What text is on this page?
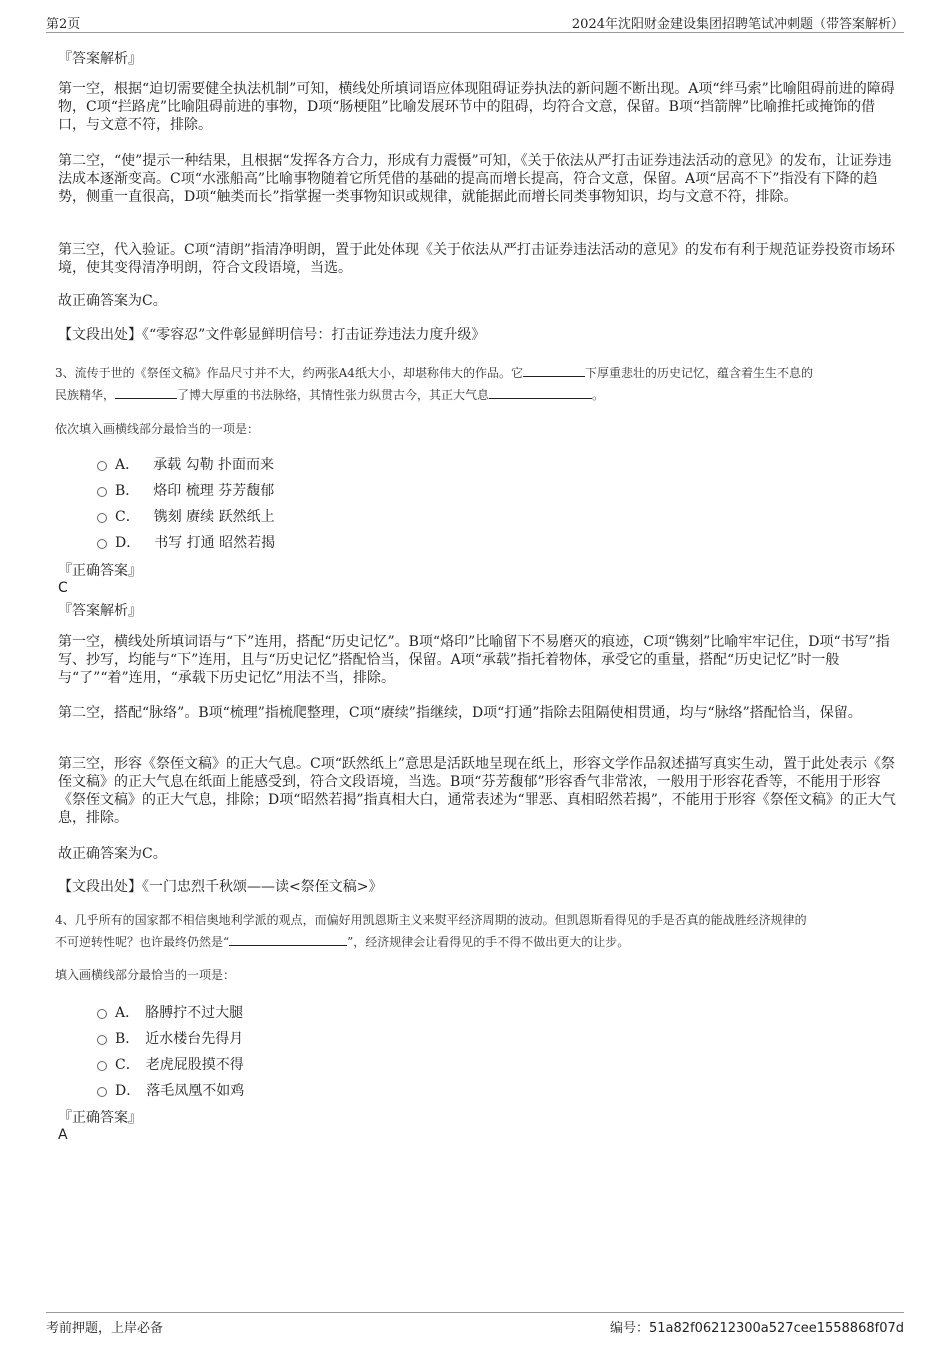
第2页	2024年沈阳财金建设集团招聘笔试冲刺题（带答案解析）

『答案解析』

第一空，根据“迫切需要健全执法机制”可知，横线处所填词语应体现阻碍证券执法的新问题不断出现。A项“绊马索”比喻阻碍前进的障碍物，C项“拦路虎”比喻阻碍前进的事物，D项“肠梗阻”比喻发展环节中的阻碍，均符合文意，保留。B项“挡箭牌”比喻推托或掩饰的借口，与文意不符，排除。

第二空，“使”提示一种结果，且根据“发挥各方合力，形成有力震慑”可知，《关于依法从严打击证券违法活动的意见》的发布，让证券违法成本逐渐变高。C项“水涨船高”比喻事物随着它所凭借的基础的提高而增长提高，符合文意，保留。A项“居高不下”指没有下降的趋势，侧重一直很高，D项“触类而长”指掌握一类事物知识或规律，就能据此而增长同类事物知识，均与文意不符，排除。

第三空，代入验证。C项“清朗”指清净明朗，置于此处体现《关于依法从严打击证券违法活动的意见》的发布有利于规范证券投资市场环境，使其变得清净明朗，符合文段语境，当选。

故正确答案为C。

【文段出处】《“零容忍”文件彰显鲜明信号：打击证券违法力度升级》

3、流传于世的《祭侄文稿》作品尺寸并不大，约两张A4纸大小，却堪称伟大的作品。它	下厚重悲壮的历史记忆，蕴含着生生不息的
民族精华，	了博大厚重的书法脉络，其情性张力纵贯古今，其正大气息	。

依次填入画横线部分最恰当的一项是：

A． 承载 勾勒 扑面而来
B． 烙印 梳理 芬芳馥郁
C． 镌刻 赓续 跃然纸上
D． 书写 打通 昭然若揭

『正确答案』

C

『答案解析』

第一空，横线处所填词语与“下”连用，搭配“历史记忆”。B项“烙印”比喻留下不易磨灭的痕迹，C项“镌刻”比喻牢牢记住，D项“书写”指写、抄写，均能与“下”连用，且与“历史记忆”搭配恰当，保留。A项“承载”指托着物体，承受它的重量，搭配“历史记忆”时一般与“了”“着”连用，“承载下历史记忆”用法不当，排除。

第二空，搭配“脉络”。B项“梳理”指梳爬整理，C项“赓续”指继续，D项“打通”指除去阻隔使相贯通，均与“脉络”搭配恰当，保留。

第三空，形容《祭侄文稿》的正大气息。C项“跃然纸上”意思是活跃地呈现在纸上，形容文学作品叙述描写真实生动，置于此处表示《祭侄文稿》的正大气息在纸面上能感受到，符合文段语境，当选。B项“芬芳馥郁”形容香气非常浓，一般用于形容花香等，不能用于形容《祭侄文稿》的正大气息，排除；D项“昭然若揭”指真相大白，通常表述为“罪恶、真相昭然若揭”，不能用于形容《祭侄文稿》的正大气息，排除。

故正确答案为C。

【文段出处】《一门忠烈千秋颂——读<祭侄文稿>》

4、几乎所有的国家都不相信奥地利学派的观点，而偏好用凯恩斯主义来熨平经济周期的波动。但凯恩斯看得见的手是否真的能战胜经济规律的
不可逆转性呢？也许最终仍然是“	”，经济规律会让看得见的手不得不做出更大的让步。

填入画横线部分最恰当的一项是：

A． 胳膊拧不过大腿
B． 近水楼台先得月
C． 老虎屁股摸不得
D． 落毛凤凰不如鸡

『正确答案』

A

考前押题，上岸必备	编号：51a82f06212300a527cee1558868f07d
